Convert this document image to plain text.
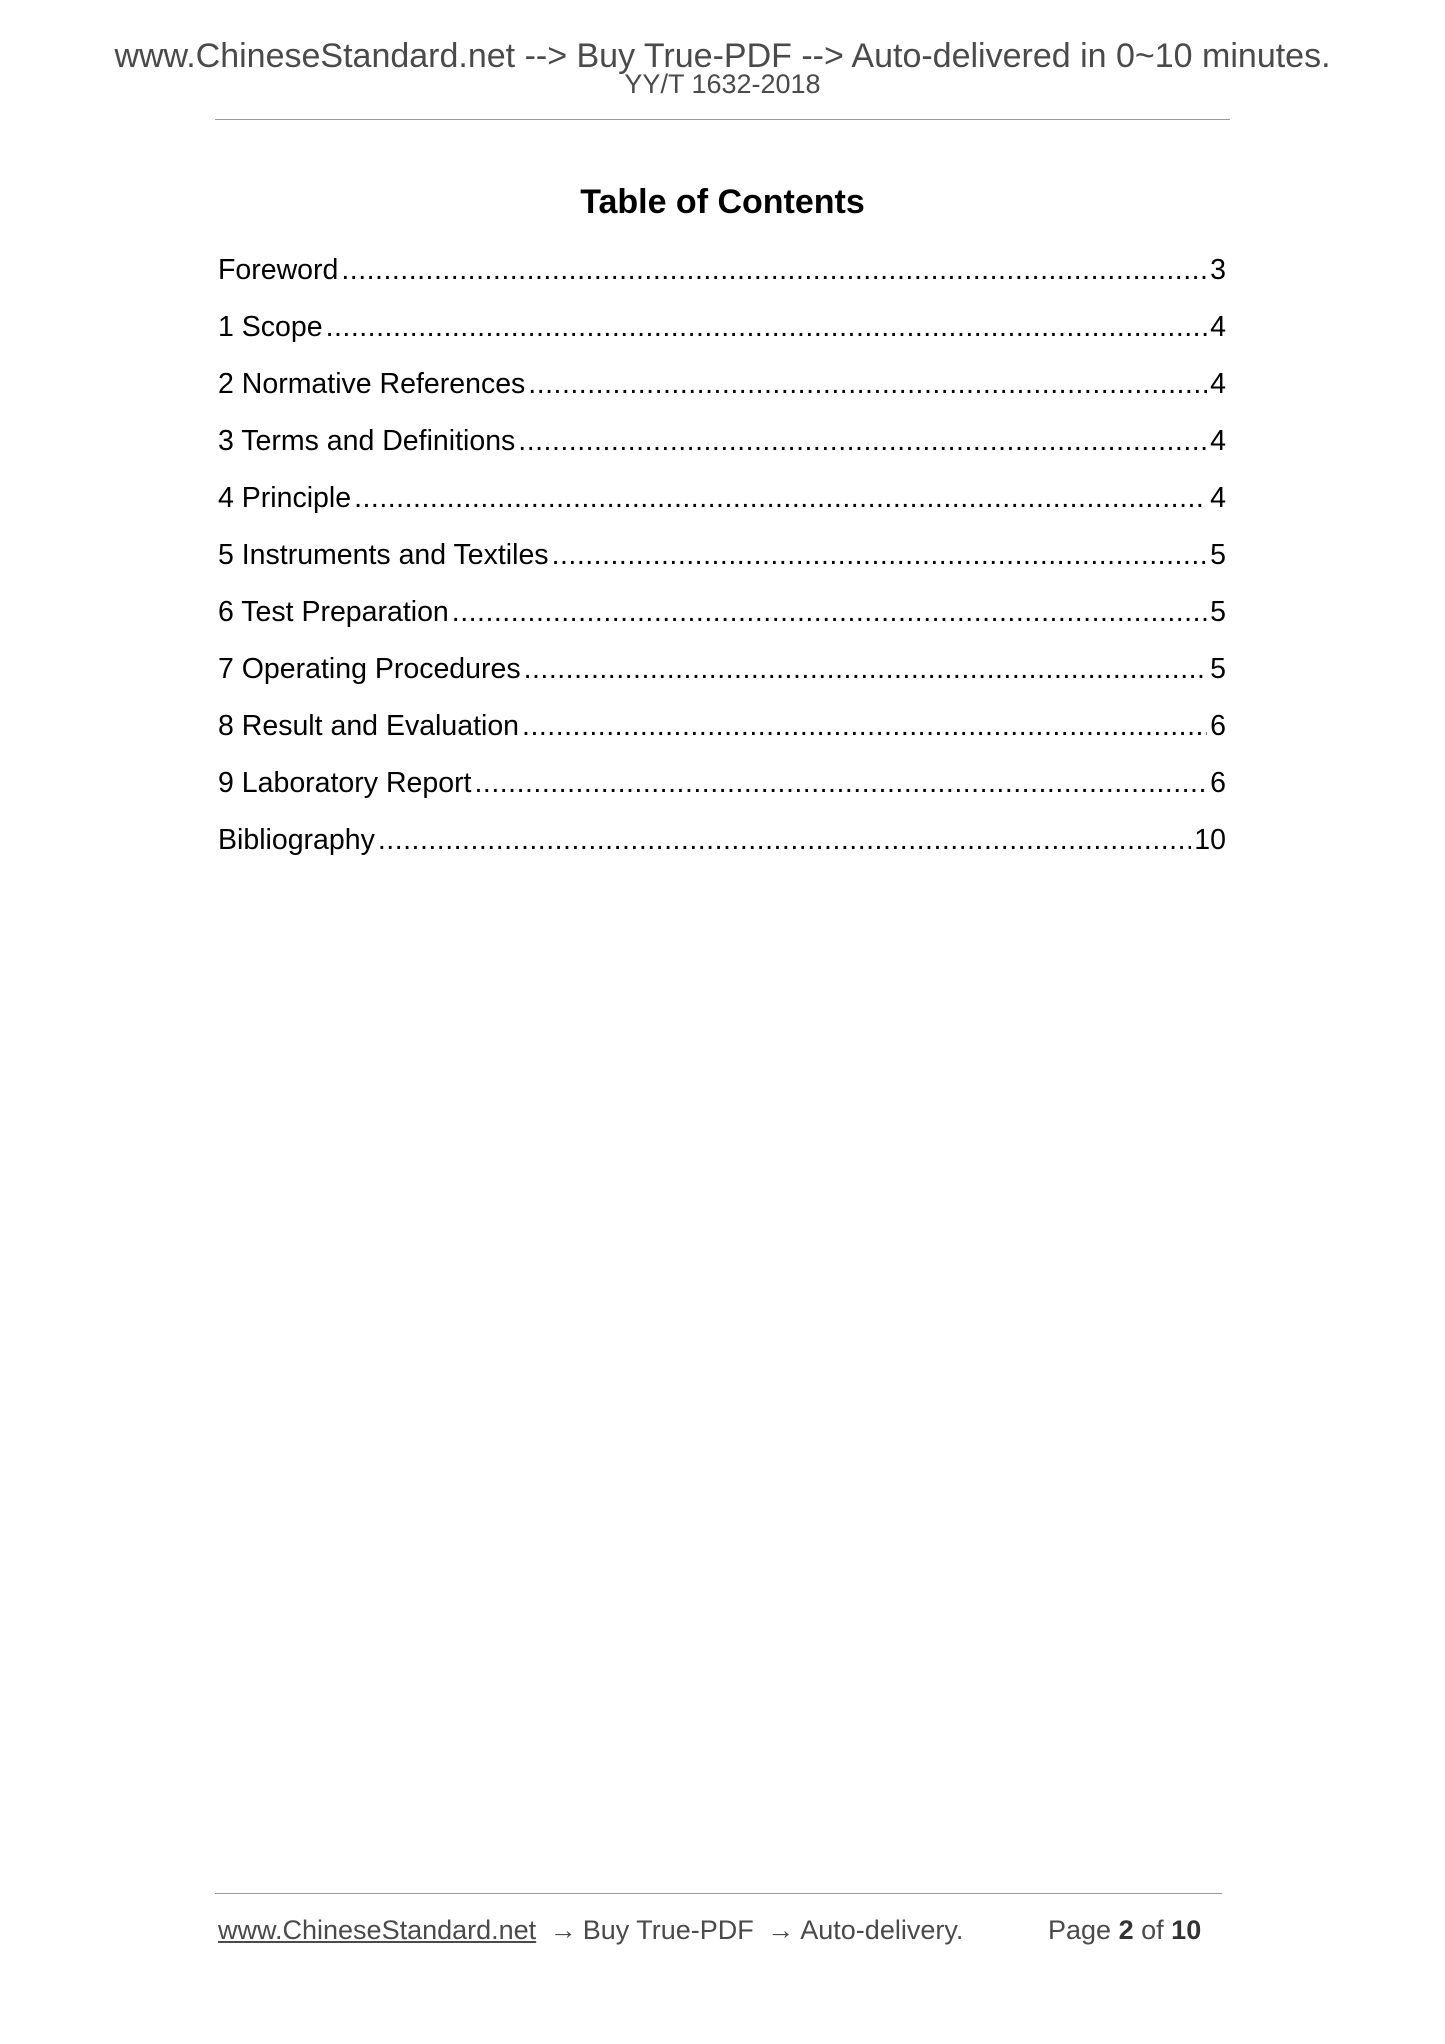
www.ChineseStandard.net --> Buy True-PDF --> Auto-delivered in 0~10 minutes.
YY/T 1632-2018
Table of Contents
Foreword .....	3
1 Scope .....	4
2 Normative References .....	4
3 Terms and Definitions .....	4
4 Principle .....	4
5 Instruments and Textiles .....	5
6 Test Preparation .....	5
7 Operating Procedures .....	5
8 Result and Evaluation .....	6
9 Laboratory Report .....	6
Bibliography .....	10
www.ChineseStandard.net → Buy True-PDF → Auto-delivery.	Page 2 of 10
